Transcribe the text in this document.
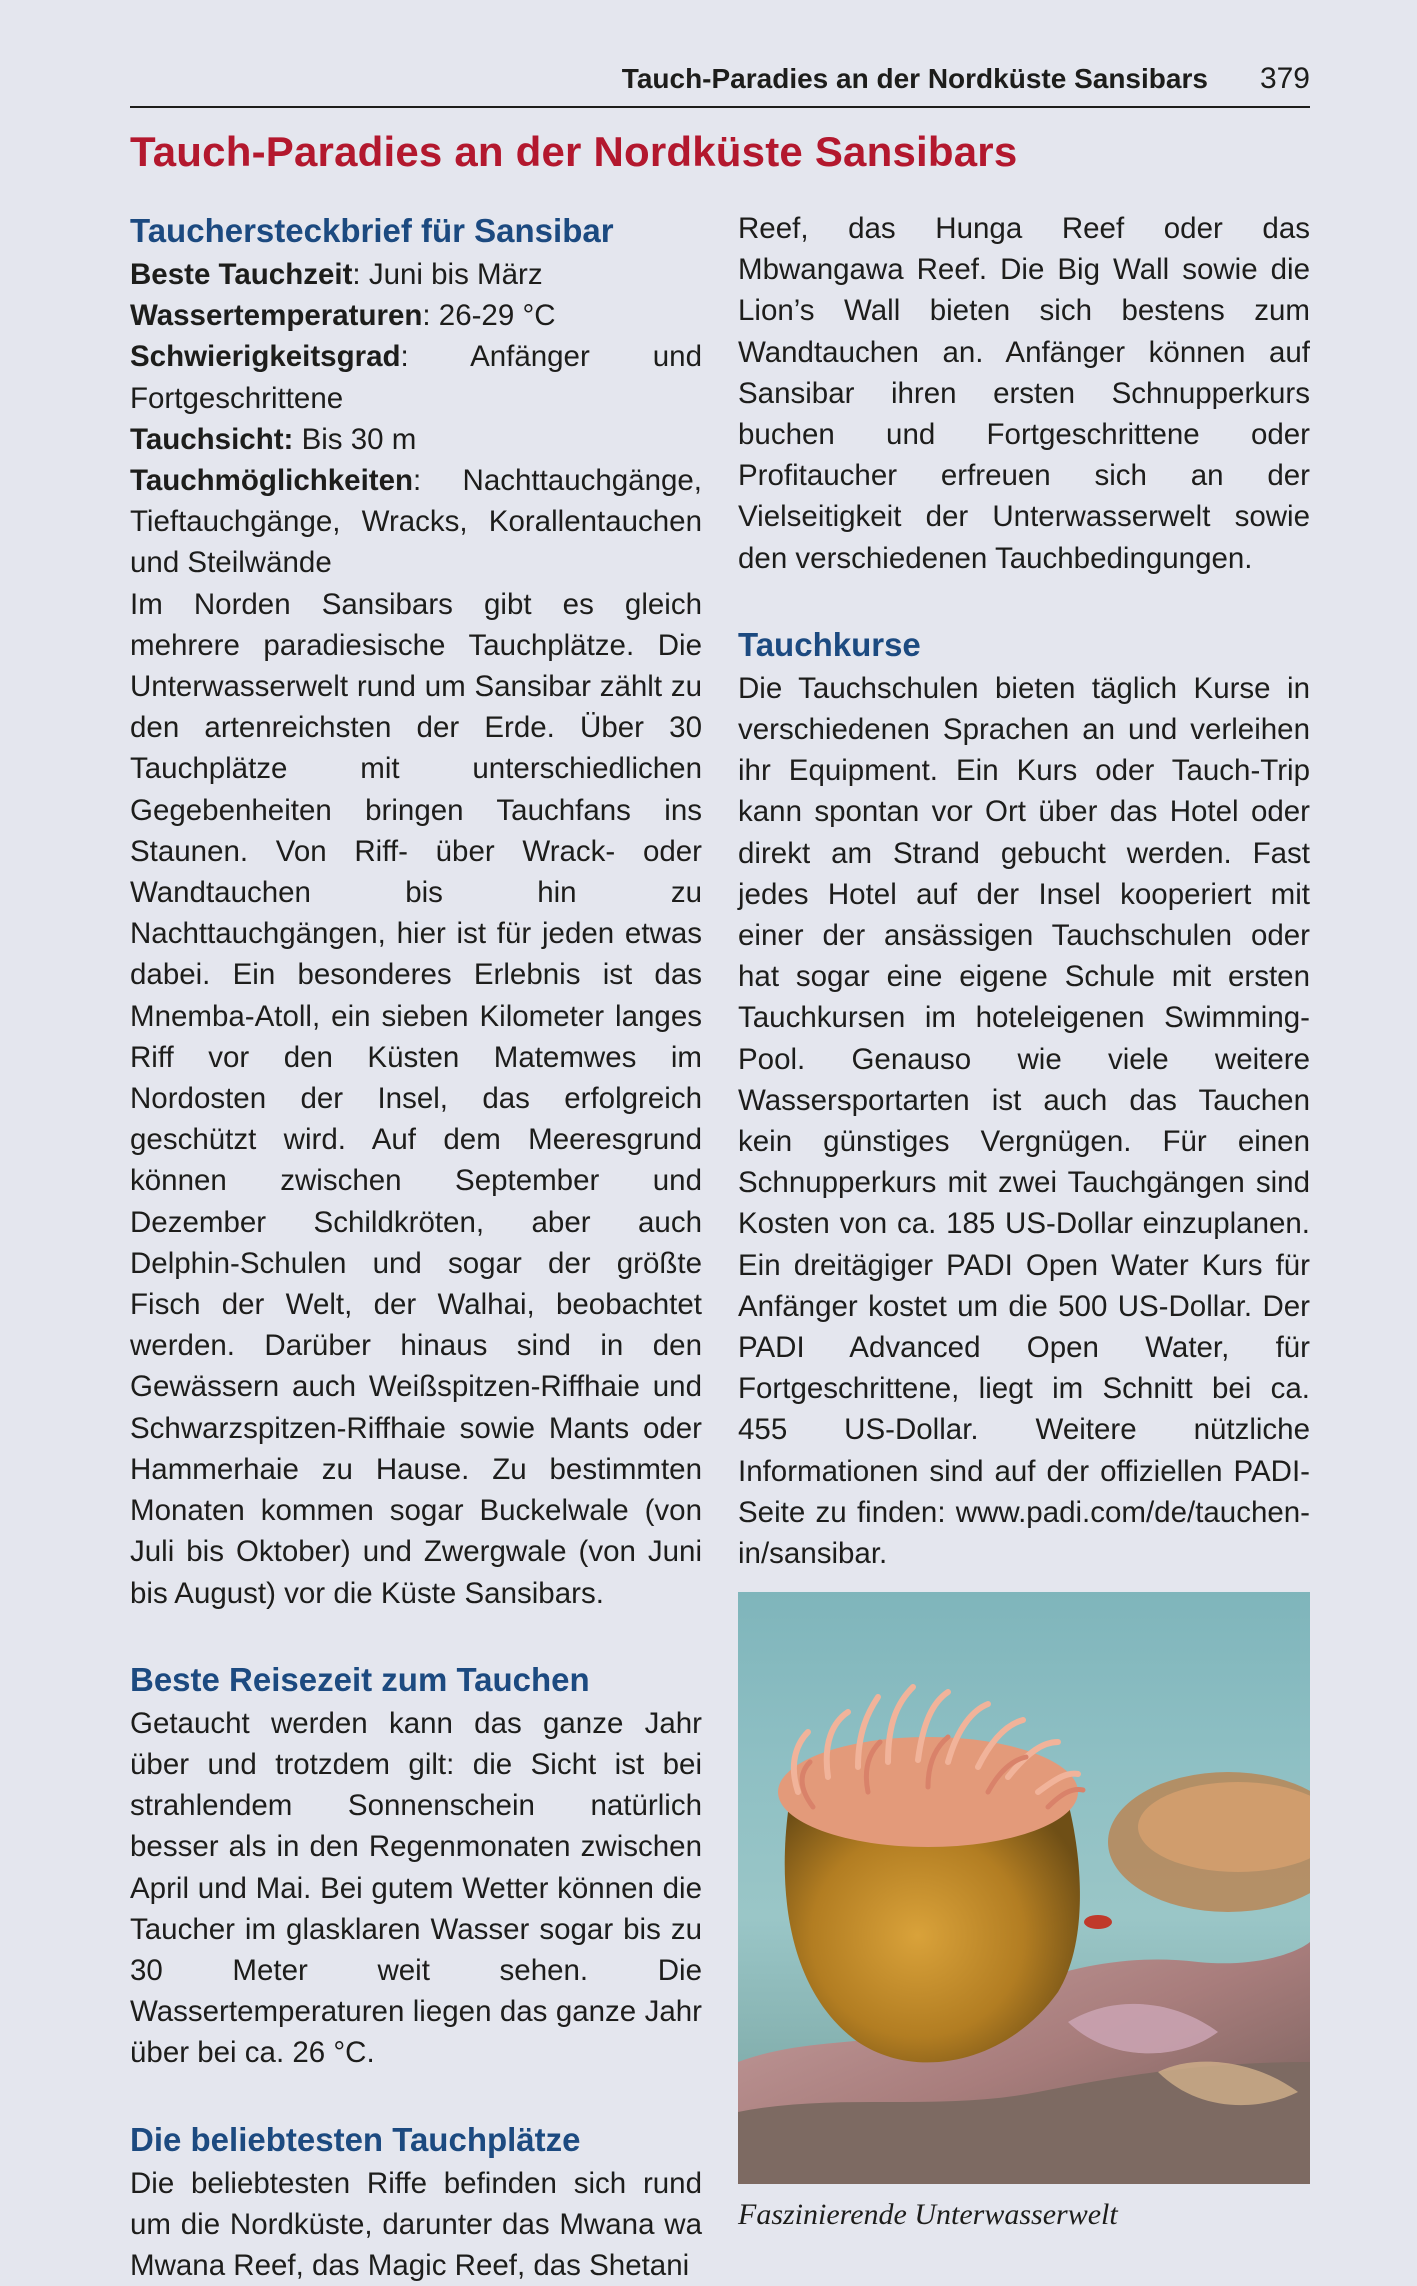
Tauch-Paradies an der Nordküste Sansibars 379
Tauch-Paradies an der Nordküste Sansibars
Tauchersteckbrief für Sansibar
Beste Tauchzeit: Juni bis März
Wassertemperaturen: 26-29 °C

Schwierigkeitsgrad: Anfänger und Fortgeschrittene

Tauchsicht: Bis 30 m

Tauchmöglichkeiten: Nachttauchgänge, Tieftauchgänge, Wracks, Korallentauchen und Steilwände

Im Norden Sansibars gibt es gleich mehrere paradiesische Tauchplätze. Die Unterwasserwelt rund um Sansibar zählt zu den artenreichsten der Erde. Über 30 Tauchplätze mit unterschiedlichen Gegebenheiten bringen Tauchfans ins Staunen. Von Riff- über Wrack- oder Wandtauchen bis hin zu Nachttauchgängen, hier ist für jeden etwas dabei. Ein besonderes Erlebnis ist das Mnemba-Atoll, ein sieben Kilometer langes Riff vor den Küsten Matemwes im Nordosten der Insel, das erfolgreich geschützt wird. Auf dem Meeresgrund können zwischen September und Dezember Schildkröten, aber auch Delphin-Schulen und sogar der größte Fisch der Welt, der Walhai, beobachtet werden. Darüber hinaus sind in den Gewässern auch Weißspitzen-Riffhaie und Schwarzspitzen-Riffhaie sowie Mants oder Hammerhaie zu Hause. Zu bestimmten Monaten kommen sogar Buckelwale (von Juli bis Oktober) und Zwergwale (von Juni bis August) vor die Küste Sansibars.

Beste Reisezeit zum Tauchen

Getaucht werden kann das ganze Jahr über und trotzdem gilt: die Sicht ist bei strahlendem Sonnenschein natürlich besser als in den Regenmonaten zwischen April und Mai. Bei gutem Wetter können die Taucher im glasklaren Wasser sogar bis zu 30 Meter weit sehen. Die Wassertemperaturen liegen das ganze Jahr über bei ca. 26 °C.

Die beliebtesten Tauchplätze

Die beliebtesten Riffe befinden sich rund um die Nordküste, darunter das Mwana wa Mwana Reef, das Magic Reef, das Shetani

Reef, das Hunga Reef oder das Mbwangawa Reef. Die Big Wall sowie die Lion’s Wall bieten sich bestens zum Wandtauchen an. Anfänger können auf Sansibar ihren ersten Schnupperkurs buchen und Fortgeschrittene oder Profitaucher erfreuen sich an der Vielseitigkeit der Unterwasserwelt sowie den verschiedenen Tauchbedingungen.

Tauchkurse

Die Tauchschulen bieten täglich Kurse in verschiedenen Sprachen an und verleihen ihr Equipment. Ein Kurs oder Tauch-Trip kann spontan vor Ort über das Hotel oder direkt am Strand gebucht werden. Fast jedes Hotel auf der Insel kooperiert mit einer der ansässigen Tauchschulen oder hat sogar eine eigene Schule mit ersten Tauchkursen im hoteleigenen Swimming-Pool. Genauso wie viele weitere Wassersportarten ist auch das Tauchen kein günstiges Vergnügen. Für einen Schnupperkurs mit zwei Tauchgängen sind Kosten von ca. 185 US-Dollar einzuplanen. Ein dreitägiger PADI Open Water Kurs für Anfänger kostet um die 500 US-Dollar. Der PADI Advanced Open Water, für Fortgeschrittene, liegt im Schnitt bei ca. 455 US-Dollar. Weitere nützliche Informationen sind auf der offiziellen PADI-Seite zu finden: www.padi.com/de/tauchen-in/sansibar.

Faszinierende Unterwasserwelt
